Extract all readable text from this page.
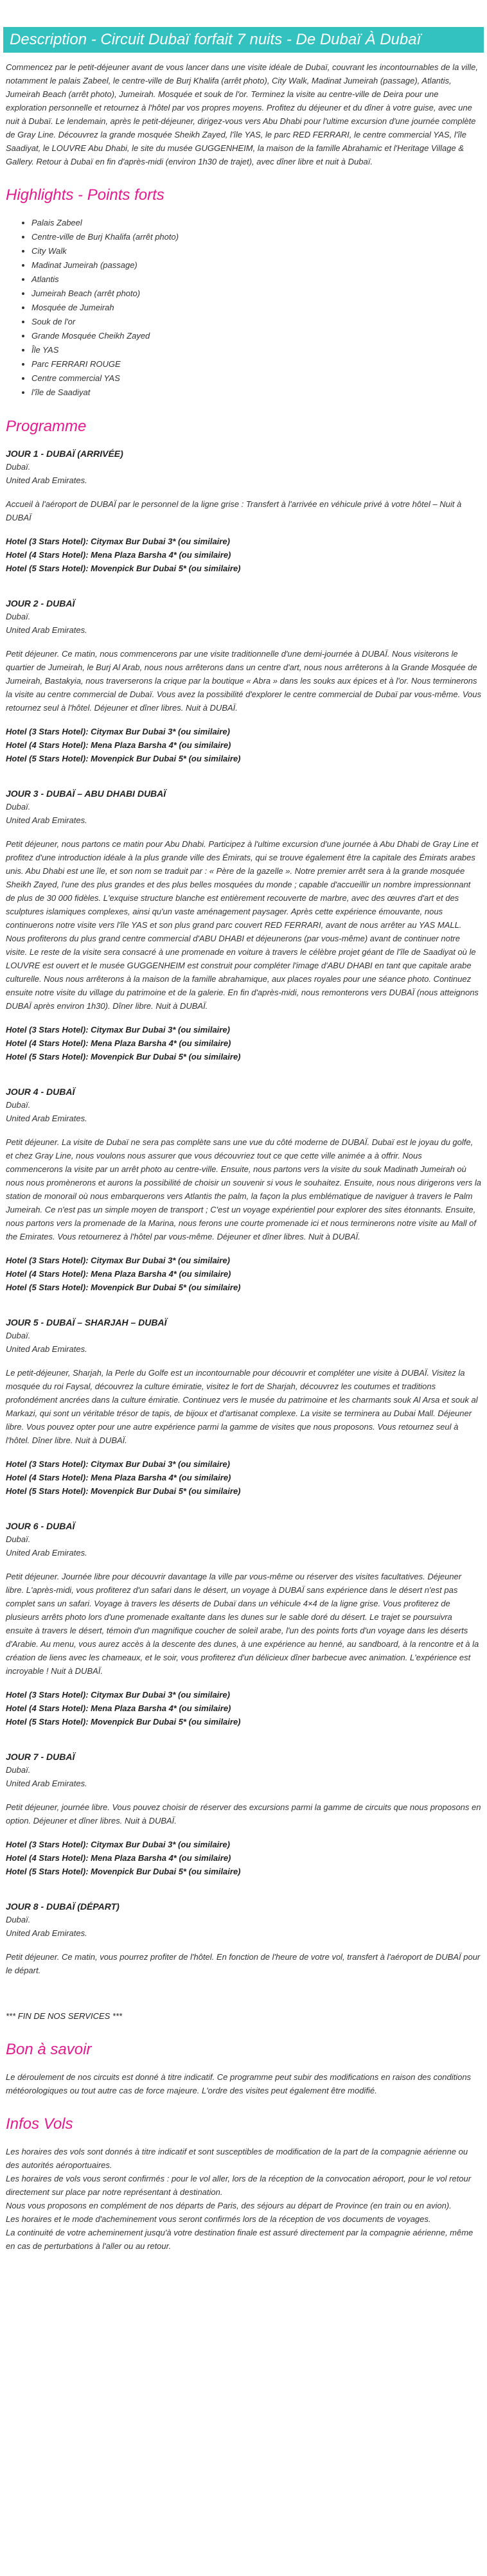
Description - Circuit Dubaï forfait 7 nuits - De Dubaï À Dubaï
Commencez par le petit-déjeuner avant de vous lancer dans une visite idéale de Dubaï, couvrant les incontournables de la ville, notamment le palais Zabeel, le centre-ville de Burj Khalifa (arrêt photo), City Walk, Madinat Jumeirah (passage), Atlantis, Jumeirah Beach (arrêt photo), Jumeirah. Mosquée et souk de l'or. Terminez la visite au centre-ville de Deira pour une exploration personnelle et retournez à l'hôtel par vos propres moyens. Profitez du déjeuner et du dîner à votre guise, avec une nuit à Dubaï. Le lendemain, après le petit-déjeuner, dirigez-vous vers Abu Dhabi pour l'ultime excursion d'une journée complète de Gray Line. Découvrez la grande mosquée Sheikh Zayed, l'île YAS, le parc RED FERRARI, le centre commercial YAS, l'île Saadiyat, le LOUVRE Abu Dhabi, le site du musée GUGGENHEIM, la maison de la famille Abrahamic et l'Heritage Village & Gallery. Retour à Dubaï en fin d'après-midi (environ 1h30 de trajet), avec dîner libre et nuit à Dubaï.
Highlights - Points forts
• Palais Zabeel
• Centre-ville de Burj Khalifa (arrêt photo)
• City Walk
• Madinat Jumeirah (passage)
• Atlantis
• Jumeirah Beach (arrêt photo)
• Mosquée de Jumeirah
• Souk de l'or
• Grande Mosquée Cheikh Zayed
• Île YAS
• Parc FERRARI ROUGE
• Centre commercial YAS
• l'île de Saadiyat
Programme
JOUR 1 - DUBAÏ (ARRIVÉE)
Dubaï.
United Arab Emirates.
Accueil à l'aéroport de DUBAÏ par le personnel de la ligne grise : Transfert à l'arrivée en véhicule privé à votre hôtel – Nuit à DUBAÏ
Hotel (3 Stars Hotel): Citymax Bur Dubai 3* (ou similaire)
Hotel (4 Stars Hotel): Mena Plaza Barsha 4* (ou similaire)
Hotel (5 Stars Hotel): Movenpick Bur Dubai 5* (ou similaire)
JOUR 2 - DUBAÏ
Dubaï.
United Arab Emirates.
Petit déjeuner. Ce matin, nous commencerons par une visite traditionnelle d'une demi-journée à DUBAÏ. Nous visiterons le quartier de Jumeirah, le Burj Al Arab, nous nous arrêterons dans un centre d'art, nous nous arrêterons à la Grande Mosquée de Jumeirah, Bastakyia, nous traverserons la crique par la boutique « Abra » dans les souks aux épices et à l'or. Nous terminerons la visite au centre commercial de Dubaï. Vous avez la possibilité d'explorer le centre commercial de Dubaï par vous-même. Vous retournez seul à l'hôtel. Déjeuner et dîner libres. Nuit à DUBAÏ.
Hotel (3 Stars Hotel): Citymax Bur Dubai 3* (ou similaire)
Hotel (4 Stars Hotel): Mena Plaza Barsha 4* (ou similaire)
Hotel (5 Stars Hotel): Movenpick Bur Dubai 5* (ou similaire)
JOUR 3 - DUBAÏ – ABU DHABI DUBAÏ
Dubaï.
United Arab Emirates.
Petit déjeuner, nous partons ce matin pour Abu Dhabi. Participez à l'ultime excursion d'une journée à Abu Dhabi de Gray Line et profitez d'une introduction idéale à la plus grande ville des Émirats, qui se trouve également être la capitale des Émirats arabes unis. Abu Dhabi est une île, et son nom se traduit par : « Père de la gazelle ». Notre premier arrêt sera à la grande mosquée Sheikh Zayed, l'une des plus grandes et des plus belles mosquées du monde ; capable d'accueillir un nombre impressionnant de plus de 30 000 fidèles. L'exquise structure blanche est entièrement recouverte de marbre, avec des œuvres d'art et des sculptures islamiques complexes, ainsi qu'un vaste aménagement paysager. Après cette expérience émouvante, nous continuerons notre visite vers l'île YAS et son plus grand parc couvert RED FERRARI, avant de nous arrêter au YAS MALL. Nous profiterons du plus grand centre commercial d'ABU DHABI et déjeunerons (par vous-même) avant de continuer notre visite. Le reste de la visite sera consacré à une promenade en voiture à travers le célèbre projet géant de l'île de Saadiyat où le LOUVRE est ouvert et le musée GUGGENHEIM est construit pour compléter l'image d'ABU DHABI en tant que capitale arabe culturelle. Nous nous arrêterons à la maison de la famille abrahamique, aux places royales pour une séance photo. Continuez ensuite notre visite du village du patrimoine et de la galerie. En fin d'après-midi, nous remonterons vers DUBAÏ (nous atteignons DUBAÏ après environ 1h30). Dîner libre. Nuit à DUBAÏ.
Hotel (3 Stars Hotel): Citymax Bur Dubai 3* (ou similaire)
Hotel (4 Stars Hotel): Mena Plaza Barsha 4* (ou similaire)
Hotel (5 Stars Hotel): Movenpick Bur Dubai 5* (ou similaire)
JOUR 4 - DUBAÏ
Dubaï.
United Arab Emirates.
Petit déjeuner. La visite de Dubaï ne sera pas complète sans une vue du côté moderne de DUBAÏ. Dubaï est le joyau du golfe, et chez Gray Line, nous voulons nous assurer que vous découvriez tout ce que cette ville animée a à offrir. Nous commencerons la visite par un arrêt photo au centre-ville. Ensuite, nous partons vers la visite du souk Madinath Jumeirah où nous nous promènerons et aurons la possibilité de choisir un souvenir si vous le souhaitez. Ensuite, nous nous dirigerons vers la station de monorail où nous embarquerons vers Atlantis the palm, la façon la plus emblématique de naviguer à travers le Palm Jumeirah. Ce n'est pas un simple moyen de transport ; C'est un voyage expérientiel pour explorer des sites étonnants. Ensuite, nous partons vers la promenade de la Marina, nous ferons une courte promenade ici et nous terminerons notre visite au Mall of the Emirates. Vous retournerez à l'hôtel par vous-même. Déjeuner et dîner libres. Nuit à DUBAÏ.
Hotel (3 Stars Hotel): Citymax Bur Dubai 3* (ou similaire)
Hotel (4 Stars Hotel): Mena Plaza Barsha 4* (ou similaire)
Hotel (5 Stars Hotel): Movenpick Bur Dubai 5* (ou similaire)
JOUR 5 - DUBAÏ – SHARJAH – DUBAÏ
Dubaï.
United Arab Emirates.
Le petit-déjeuner, Sharjah, la Perle du Golfe est un incontournable pour découvrir et compléter une visite à DUBAÏ. Visitez la mosquée du roi Faysal, découvrez la culture émiratie, visitez le fort de Sharjah, découvrez les coutumes et traditions profondément ancrées dans la culture émiratie. Continuez vers le musée du patrimoine et les charmants souk Al Arsa et souk al Markazi, qui sont un véritable trésor de tapis, de bijoux et d'artisanat complexe. La visite se terminera au Dubai Mall. Déjeuner libre. Vous pouvez opter pour une autre expérience parmi la gamme de visites que nous proposons. Vous retournez seul à l'hôtel. Dîner libre. Nuit à DUBAÏ.
Hotel (3 Stars Hotel): Citymax Bur Dubai 3* (ou similaire)
Hotel (4 Stars Hotel): Mena Plaza Barsha 4* (ou similaire)
Hotel (5 Stars Hotel): Movenpick Bur Dubai 5* (ou similaire)
JOUR 6 - DUBAÏ
Dubaï.
United Arab Emirates.
Petit déjeuner. Journée libre pour découvrir davantage la ville par vous-même ou réserver des visites facultatives. Déjeuner libre. L'après-midi, vous profiterez d'un safari dans le désert, un voyage à DUBAÏ sans expérience dans le désert n'est pas complet sans un safari. Voyage à travers les déserts de Dubaï dans un véhicule 4×4 de la ligne grise. Vous profiterez de plusieurs arrêts photo lors d'une promenade exaltante dans les dunes sur le sable doré du désert. Le trajet se poursuivra ensuite à travers le désert, témoin d'un magnifique coucher de soleil arabe, l'un des points forts d'un voyage dans les déserts d'Arabie. Au menu, vous aurez accès à la descente des dunes, à une expérience au henné, au sandboard, à la rencontre et à la création de liens avec les chameaux, et le soir, vous profiterez d'un délicieux dîner barbecue avec animation. L'expérience est incroyable ! Nuit à DUBAÏ.
Hotel (3 Stars Hotel): Citymax Bur Dubai 3* (ou similaire)
Hotel (4 Stars Hotel): Mena Plaza Barsha 4* (ou similaire)
Hotel (5 Stars Hotel): Movenpick Bur Dubai 5* (ou similaire)
JOUR 7 - DUBAÏ
Dubaï.
United Arab Emirates.
Petit déjeuner, journée libre. Vous pouvez choisir de réserver des excursions parmi la gamme de circuits que nous proposons en option. Déjeuner et dîner libres. Nuit à DUBAÏ.
Hotel (3 Stars Hotel): Citymax Bur Dubai 3* (ou similaire)
Hotel (4 Stars Hotel): Mena Plaza Barsha 4* (ou similaire)
Hotel (5 Stars Hotel): Movenpick Bur Dubai 5* (ou similaire)
JOUR 8 - DUBAÏ (DÉPART)
Dubaï.
United Arab Emirates.
Petit déjeuner. Ce matin, vous pourrez profiter de l'hôtel. En fonction de l'heure de votre vol, transfert à l'aéroport de DUBAÏ pour le départ.
*** FIN DE NOS SERVICES ***
Bon à savoir
Le déroulement de nos circuits est donné à titre indicatif. Ce programme peut subir des modifications en raison des conditions météorologiques ou tout autre cas de force majeure. L'ordre des visites peut également être modifié.
Infos Vols
Les horaires des vols sont donnés à titre indicatif et sont susceptibles de modification de la part de la compagnie aérienne ou des autorités aéroportuaires.
Les horaires de vols vous seront confirmés : pour le vol aller, lors de la réception de la convocation aéroport, pour le vol retour directement sur place par notre représentant à destination.
Nous vous proposons en complément de nos départs de Paris, des séjours au départ de Province (en train ou en avion).
Les horaires et le mode d'acheminement vous seront confirmés lors de la réception de vos documents de voyages.
La continuité de votre acheminement jusqu'à votre destination finale est assuré directement par la compagnie aérienne, même en cas de perturbations à l'aller ou au retour.
